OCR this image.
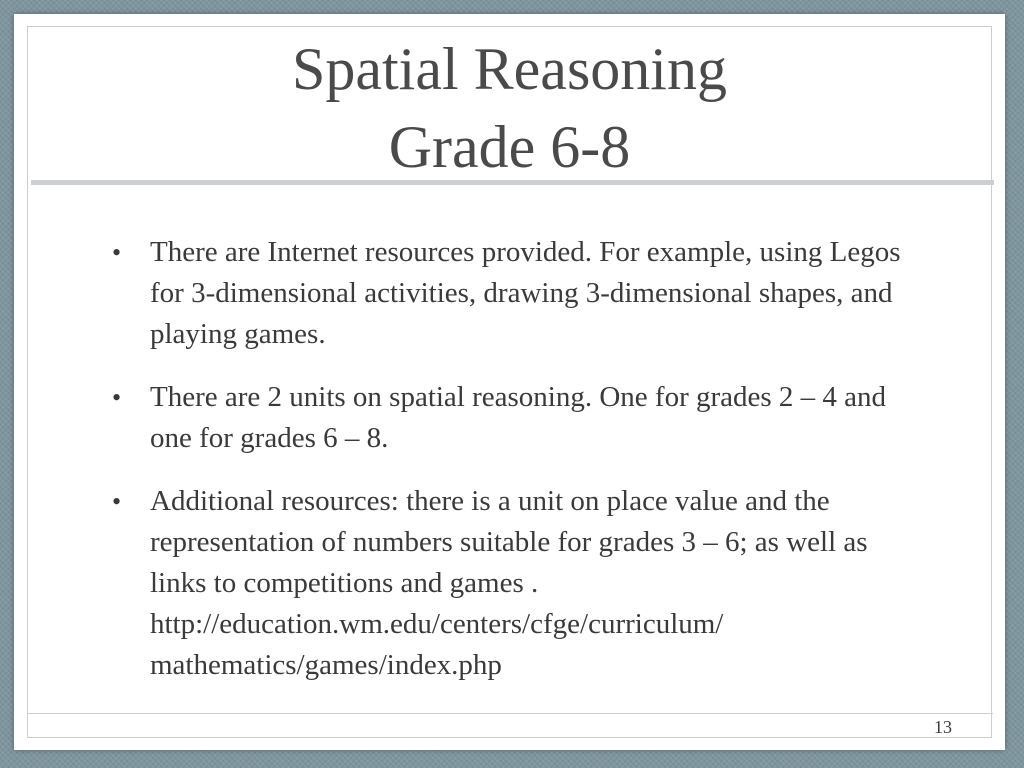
Spatial Reasoning
Grade 6-8
• There are Internet resources provided. For example, using Legos for 3-dimensional activities, drawing 3-dimensional shapes, and playing games.
• There are 2 units on spatial reasoning. One for grades 2 – 4 and one for grades 6 – 8.
• Additional resources: there is a unit on place value and the representation of numbers suitable for grades 3 – 6; as well as links to competitions and games .
http://education.wm.edu/centers/cfge/curriculum/
mathematics/games/index.php
13
